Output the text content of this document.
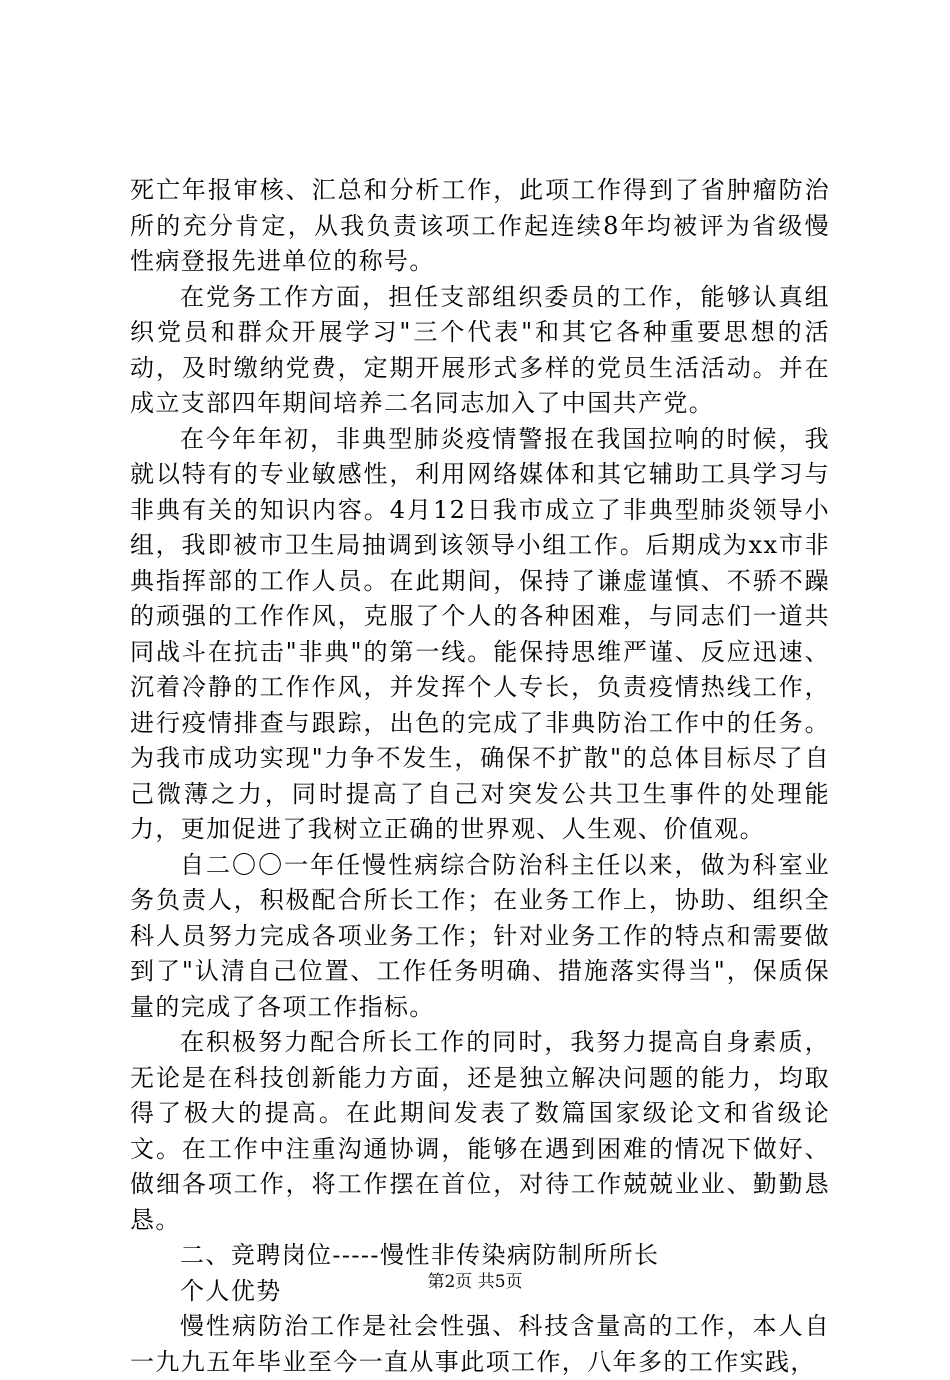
死亡年报审核、汇总和分析工作，此项工作得到了省肿瘤防治所的充分肯定，从我负责该项工作起连续8年均被评为省级慢性病登报先进单位的称号。

在党务工作方面，担任支部组织委员的工作，能够认真组织党员和群众开展学习"三个代表"和其它各种重要思想的活动，及时缴纳党费，定期开展形式多样的党员生活活动。并在成立支部四年期间培养二名同志加入了中国共产党。

在今年年初，非典型肺炎疫情警报在我国拉响的时候，我就以特有的专业敏感性，利用网络媒体和其它辅助工具学习与非典有关的知识内容。4月12日我市成立了非典型肺炎领导小组，我即被市卫生局抽调到该领导小组工作。后期成为xx市非典指挥部的工作人员。在此期间，保持了谦虚谨慎、不骄不躁的顽强的工作作风，克服了个人的各种困难，与同志们一道共同战斗在抗击"非典"的第一线。能保持思维严谨、反应迅速、沉着冷静的工作作风，并发挥个人专长，负责疫情热线工作，进行疫情排查与跟踪，出色的完成了非典防治工作中的任务。为我市成功实现"力争不发生，确保不扩散"的总体目标尽了自己微薄之力，同时提高了自己对突发公共卫生事件的处理能力，更加促进了我树立正确的世界观、人生观、价值观。

自二〇〇一年任慢性病综合防治科主任以来，做为科室业务负责人，积极配合所长工作；在业务工作上，协助、组织全科人员努力完成各项业务工作；针对业务工作的特点和需要做到了"认清自己位置、工作任务明确、措施落实得当"，保质保量的完成了各项工作指标。

在积极努力配合所长工作的同时，我努力提高自身素质，无论是在科技创新能力方面，还是独立解决问题的能力，均取得了极大的提高。在此期间发表了数篇国家级论文和省级论文。在工作中注重沟通协调，能够在遇到困难的情况下做好、做细各项工作，将工作摆在首位，对待工作兢兢业业、勤勤恳恳。

二、竞聘岗位-----慢性非传染病防制所所长

个人优势

慢性病防治工作是社会性强、科技含量高的工作，本人自一九九五年毕业至今一直从事此项工作，八年多的工作实践，

第2页 共5页
